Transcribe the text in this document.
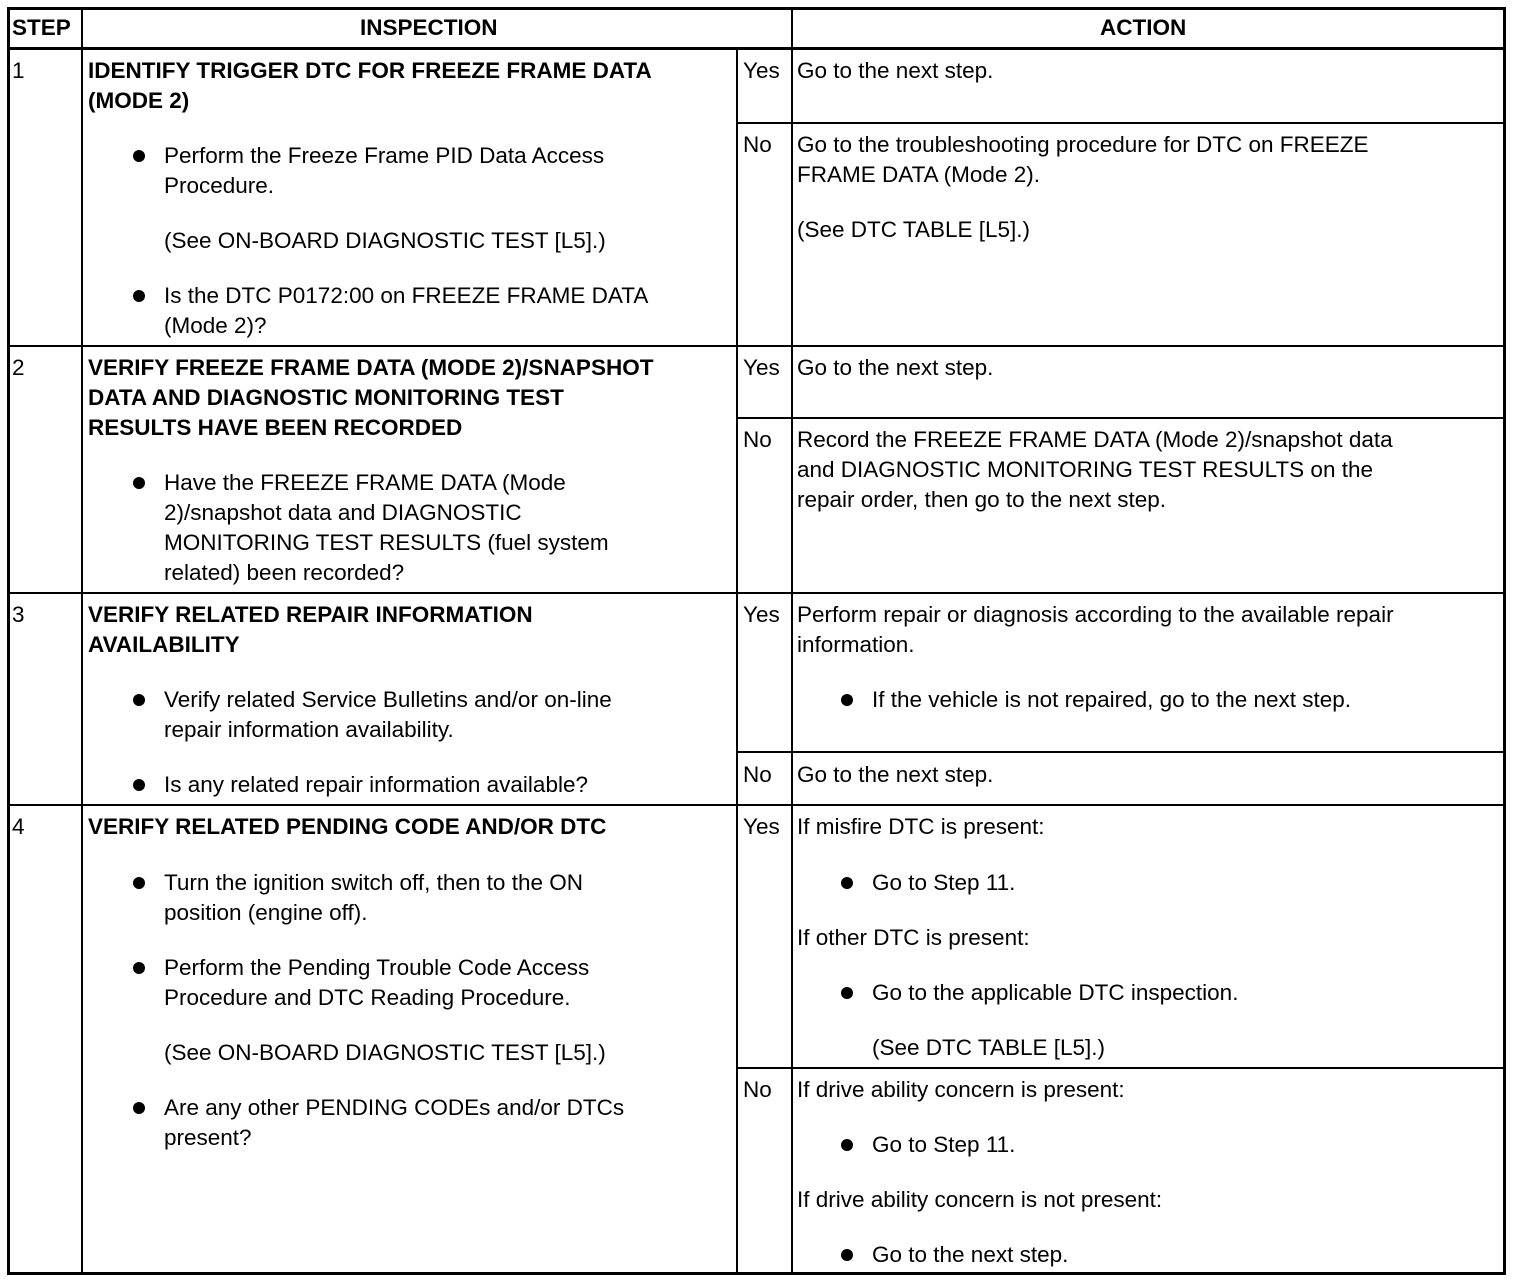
STEP	INSPECTION	ACTION
1	IDENTIFY TRIGGER DTC FOR FREEZE FRAME DATA
(MODE 2)
Perform the Freeze Frame PID Data Access
Procedure.
(See ON-BOARD DIAGNOSTIC TEST [L5].)
Is the DTC P0172:00 on FREEZE FRAME DATA
(Mode 2)?
Yes Go to the next step.
No Go to the troubleshooting procedure for DTC on FREEZE
FRAME DATA (Mode 2).
(See DTC TABLE [L5].)
2	VERIFY FREEZE FRAME DATA (MODE 2)/SNAPSHOT
DATA AND DIAGNOSTIC MONITORING TEST
RESULTS HAVE BEEN RECORDED
Have the FREEZE FRAME DATA (Mode
2)/snapshot data and DIAGNOSTIC
MONITORING TEST RESULTS (fuel system
related) been recorded?
Yes Go to the next step.
No Record the FREEZE FRAME DATA (Mode 2)/snapshot data
and DIAGNOSTIC MONITORING TEST RESULTS on the
repair order, then go to the next step.
3	VERIFY RELATED REPAIR INFORMATION
AVAILABILITY
Verify related Service Bulletins and/or on-line
repair information availability.
Is any related repair information available?
Yes Perform repair or diagnosis according to the available repair
information.
If the vehicle is not repaired, go to the next step.
No Go to the next step.
4	VERIFY RELATED PENDING CODE AND/OR DTC
Turn the ignition switch off, then to the ON
position (engine off).
Perform the Pending Trouble Code Access
Procedure and DTC Reading Procedure.
(See ON-BOARD DIAGNOSTIC TEST [L5].)
Are any other PENDING CODEs and/or DTCs
present?
Yes If misfire DTC is present:
Go to Step 11.
If other DTC is present:
Go to the applicable DTC inspection.
(See DTC TABLE [L5].)
No If drive ability concern is present:
Go to Step 11.
If drive ability concern is not present:
Go to the next step.
